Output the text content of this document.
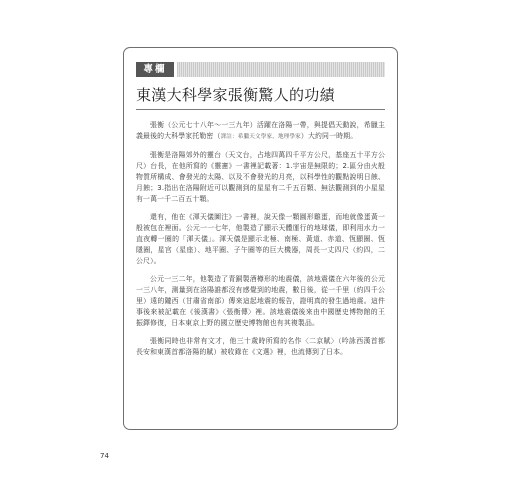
專欄
東漢大科學家張衡驚人的功績

張衡（公元七十八年～一三九年）活躍在洛陽一帶，與提倡天動說，希臘主義最後的大科學家托勒密（譯註：希臘天文學家，地理學家）大約同一時期。

張衡是洛陽郊外的靈台（天文台，占地四萬四千平方公尺，基座五十平方公尺）台長，在他所寫的《靈憲》一書裡記載著：1.宇宙是無限的；2.區分由火般物質所構成、會發光的太陽、以及不會發光的月亮，以科學性的觀點說明日蝕、月蝕；3.指出在洛陽附近可以觀測到的星星有二千五百顆、無法觀測到的小星星有一萬一千二百五十顆。

還有，他在《渾天儀圖注》一書裡，說天像一顆圓形雞蛋，而地就像蛋黃一般被包在裡面。公元一一七年，他製造了顯示天體運行的地球儀，即利用水力一直夜轉一圈的「渾天儀」。渾天儀是顯示北極、南極、黃道、赤道、恆顯圈、恆隱圈，星宫（星座）、地平圈、子午圈等的巨大機器，周長一丈四尺（約四，二公尺）。

公元一三二年，他製造了青銅製酒樽形的地震儀，該地震儀在六年後的公元一三八年，測量到在洛陽誰都沒有感覺到的地震，數日後，從一千里（約四千公里）遠的隴西（甘肅省南部）傳來這起地震的報告，證明真的發生過地震。這件事後來被記載在《後漢書》〈張衡傳〉裡。該地震儀後來由中國歷史博物館的王振鐸修復，日本東京上野的國立歷史博物館也有其複製品。

張衡同時也非常有文才，他三十歲時所寫的名作〈二京賦〉（吟詠西漢首都長安和東漢首都洛陽的賦）被收錄在《文選》裡，也流傳到了日本。

74
